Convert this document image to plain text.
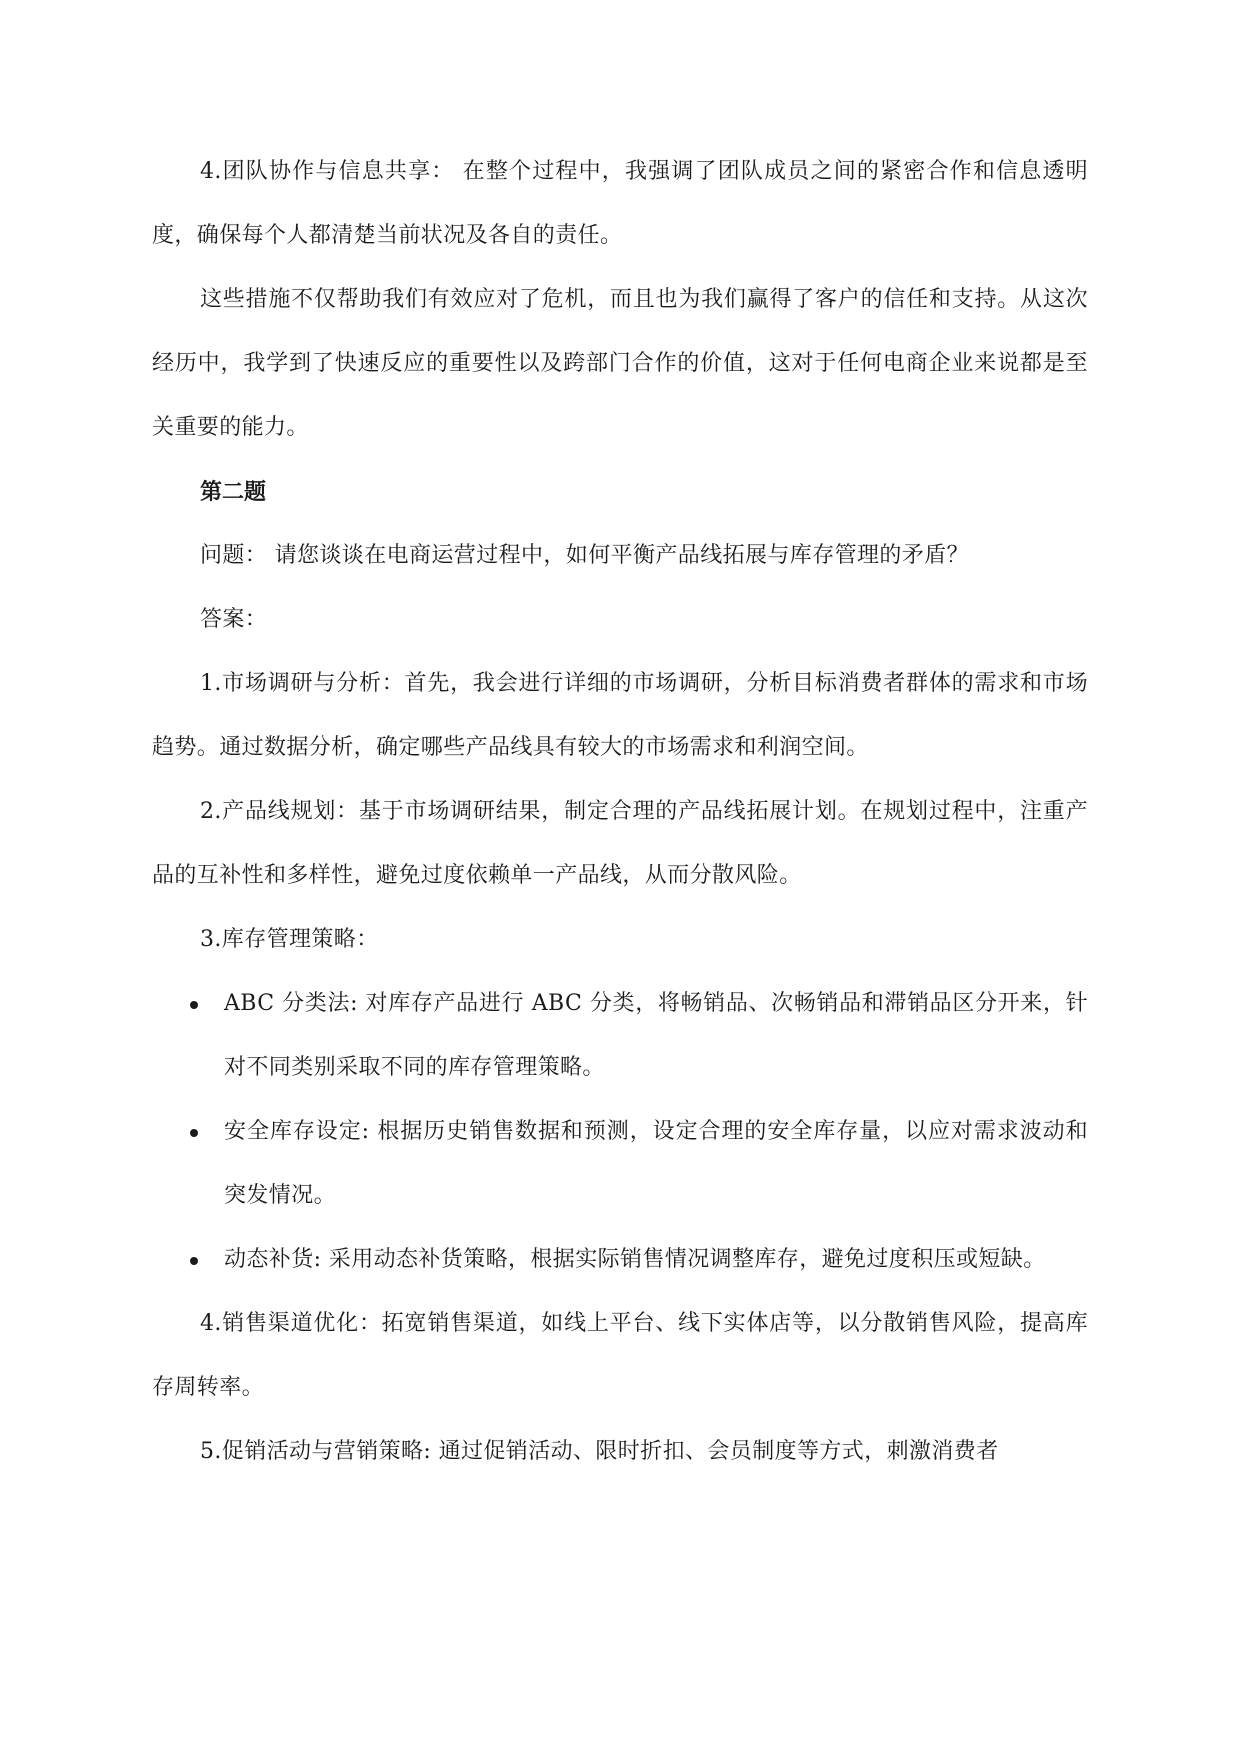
4.团队协作与信息共享： 在整个过程中，我强调了团队成员之间的紧密合作和信息透明度，确保每个人都清楚当前状况及各自的责任。

这些措施不仅帮助我们有效应对了危机，而且也为我们赢得了客户的信任和支持。从这次经历中，我学到了快速反应的重要性以及跨部门合作的价值，这对于任何电商企业来说都是至关重要的能力。

第二题

问题： 请您谈谈在电商运营过程中，如何平衡产品线拓展与库存管理的矛盾？

答案：

1.市场调研与分析：首先，我会进行详细的市场调研，分析目标消费者群体的需求和市场趋势。通过数据分析，确定哪些产品线具有较大的市场需求和利润空间。

2.产品线规划：基于市场调研结果，制定合理的产品线拓展计划。在规划过程中，注重产品的互补性和多样性，避免过度依赖单一产品线，从而分散风险。

3.库存管理策略：

ABC 分类法: 对库存产品进行 ABC 分类，将畅销品、次畅销品和滞销品区分开来，针对不同类别采取不同的库存管理策略。
安全库存设定: 根据历史销售数据和预测，设定合理的安全库存量，以应对需求波动和突发情况。
动态补货: 采用动态补货策略，根据实际销售情况调整库存，避免过度积压或短缺。

4.销售渠道优化：拓宽销售渠道，如线上平台、线下实体店等，以分散销售风险，提高库存周转率。

5.促销活动与营销策略: 通过促销活动、限时折扣、会员制度等方式，刺激消费者
